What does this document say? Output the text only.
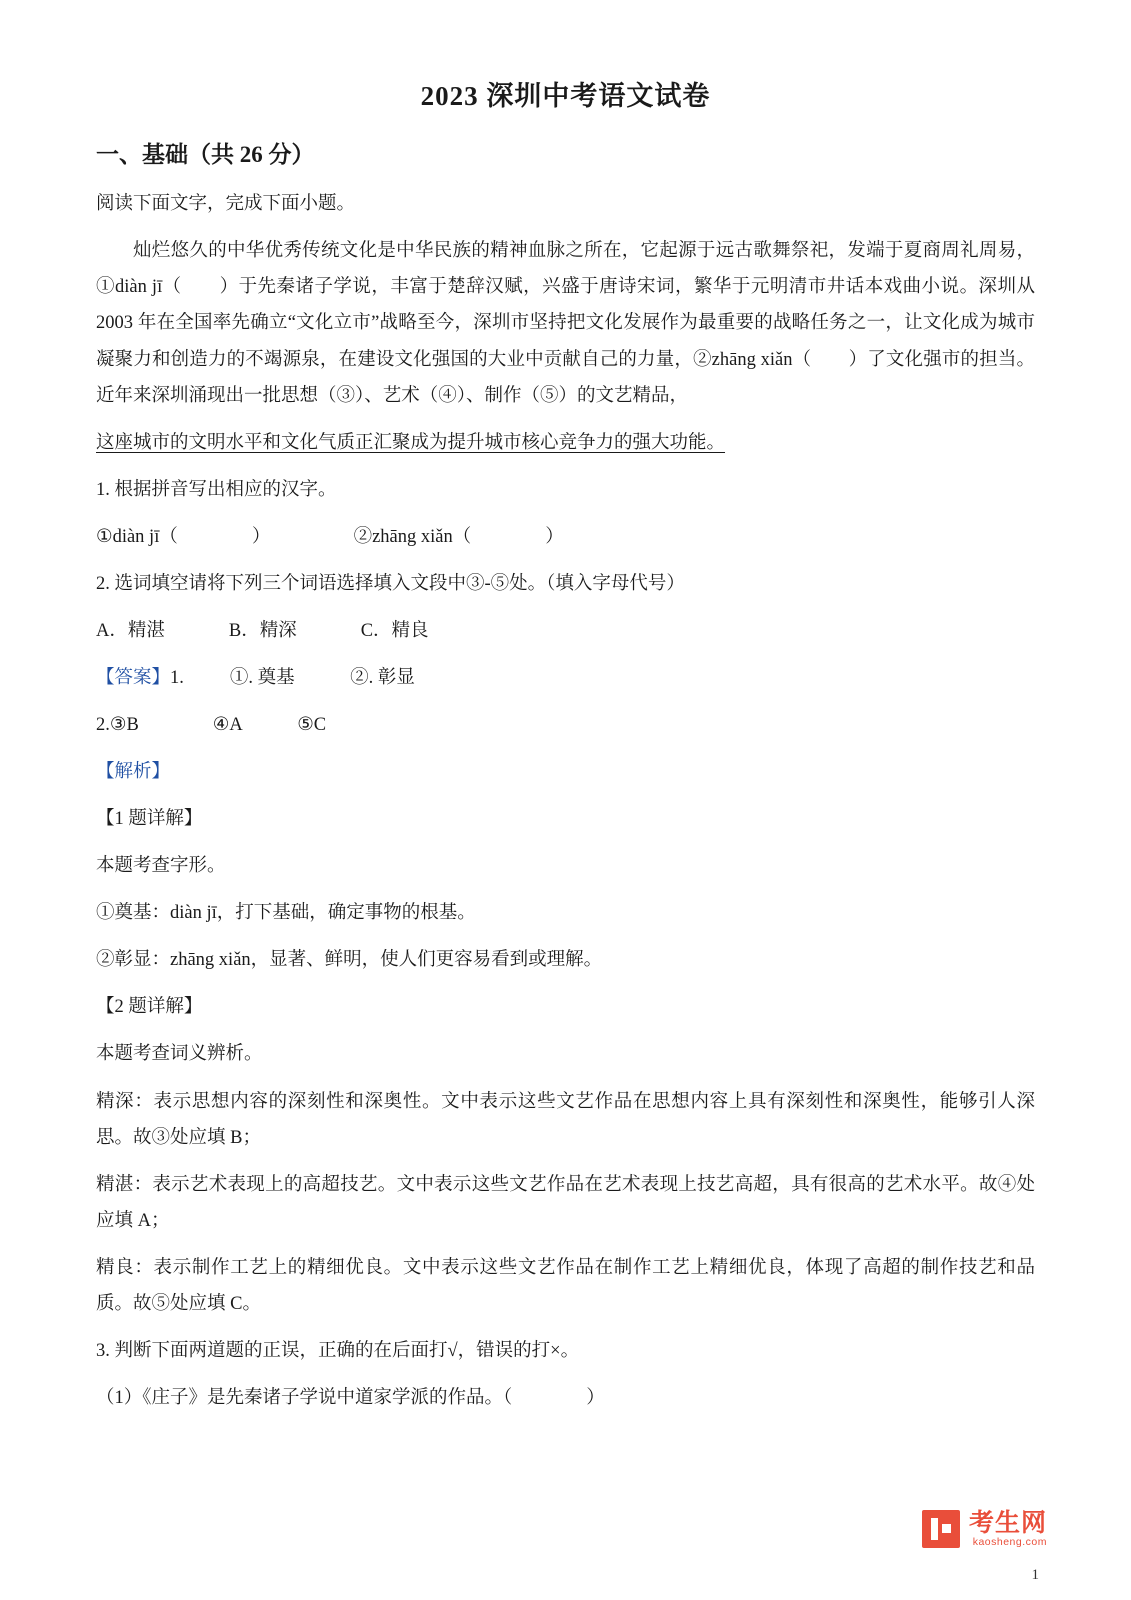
2023 深圳中考语文试卷
一、基础（共 26 分）

阅读下面文字，完成下面小题。

灿烂悠久的中华优秀传统文化是中华民族的精神血脉之所在，它起源于远古歌舞祭祀，发端于夏商周礼周易，①diàn jī（　　）于先秦诸子学说，丰富于楚辞汉赋，兴盛于唐诗宋词，繁华于元明清市井话本戏曲小说。深圳从 2003 年在全国率先确立“文化立市”战略至今，深圳市坚持把文化发展作为最重要的战略任务之一，让文化成为城市凝聚力和创造力的不竭源泉，在建设文化强国的大业中贡献自己的力量，②zhāng xiǎn（　　）了文化强市的担当。近年来深圳涌现出一批思想（③）、艺术（④）、制作（⑤）的文艺精品，

这座城市的文明水平和文化气质正汇聚成为提升城市核心竞争力的强大功能。

1. 根据拼音写出相应的汉字。

①diàn jī（　　　　）　　　　　②zhāng xiǎn（　　　　）

2. 选词填空请将下列三个词语选择填入文段中③-⑤处。（填入字母代号）

A．精湛	B．精深	C．精良

【答案】1. ①. 奠基　　　②. 彰显

2.③B　　　　④A　　　⑤C

【解析】

【1 题详解】

本题考查字形。

①奠基：diàn jī，打下基础，确定事物的根基。

②彰显：zhāng xiǎn，显著、鲜明，使人们更容易看到或理解。

【2 题详解】

本题考查词义辨析。

精深：表示思想内容的深刻性和深奥性。文中表示这些文艺作品在思想内容上具有深刻性和深奥性，能够引人深思。故③处应填 B；

精湛：表示艺术表现上的高超技艺。文中表示这些文艺作品在艺术表现上技艺高超，具有很高的艺术水平。故④处应填 A；

精良：表示制作工艺上的精细优良。文中表示这些文艺作品在制作工艺上精细优良，体现了高超的制作技艺和品质。故⑤处应填 C。

3. 判断下面两道题的正误，正确的在后面打√，错误的打×。

（1）《庄子》是先秦诸子学说中道家学派的作品。（　　　　）

考生网
kaosheng.com
1
